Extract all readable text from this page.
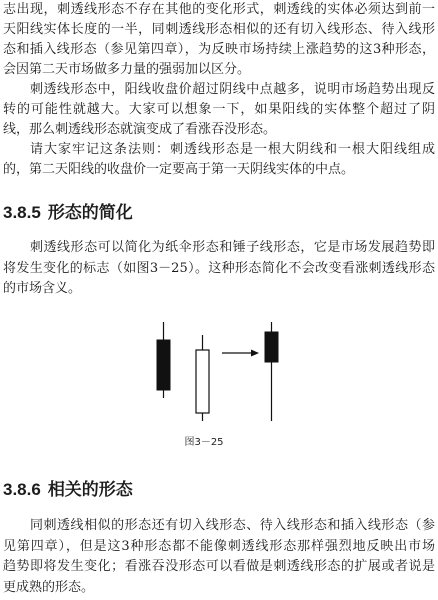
志出现，刺透线形态不存在其他的变化形式，刺透线的实体必须达到前一
天阳线实体长度的一半，同刺透线形态相似的还有切入线形态、待入线形
态和插入线形态（参见第四章），为反映市场持续上涨趋势的这3种形态，
会因第二天市场做多力量的强弱加以区分。
刺透线形态中，阳线收盘价超过阴线中点越多，说明市场趋势出现反
转的可能性就越大。大家可以想象一下，如果阳线的实体整个超过了阴
线，那么刺透线形态就演变成了看涨吞没形态。
请大家牢记这条法则：刺透线形态是一根大阴线和一根大阳线组成
的，第二天阳线的收盘价一定要高于第一天阴线实体的中点。
3.8.5 形态的简化
刺透线形态可以简化为纸伞形态和锤子线形态，它是市场发展趋势即
将发生变化的标志（如图3－25）。这种形态简化不会改变看涨刺透线形态
的市场含义。
图3－25
3.8.6 相关的形态
同刺透线相似的形态还有切入线形态、待入线形态和插入线形态（参
见第四章），但是这3种形态都不能像刺透线形态那样强烈地反映出市场
趋势即将发生变化；看涨吞没形态可以看做是刺透线形态的扩展或者说是
更成熟的形态。
